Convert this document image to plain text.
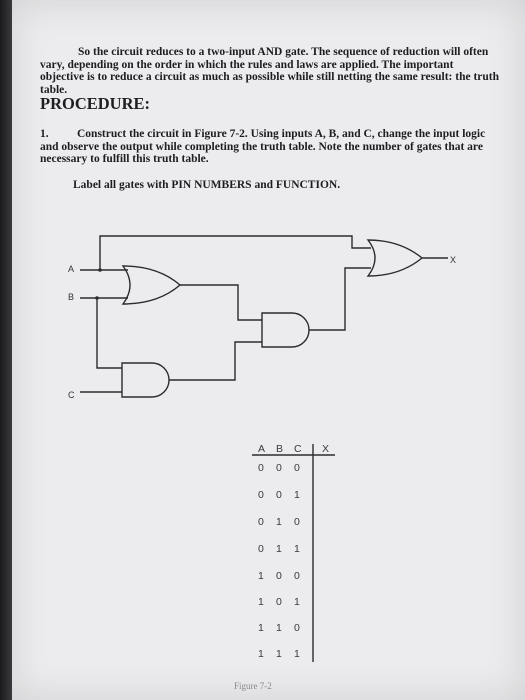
So the circuit reduces to a two-input AND gate. The sequence of reduction will often vary, depending on the order in which the rules and laws are applied. The important objective is to reduce a circuit as much as possible while still netting the same result: the truth table.
PROCEDURE:
1. Construct the circuit in Figure 7-2. Using inputs A, B, and C, change the input logic and observe the output while completing the truth table. Note the number of gates that are necessary to fulfill this truth table.
Label all gates with PIN NUMBERS and FUNCTION.
A
B
C
X
A B C X
0 0 0
0 0 1
0 1 0
0 1 1
1 0 0
1 0 1
1 1 0
1 1 1
Figure 7-2
